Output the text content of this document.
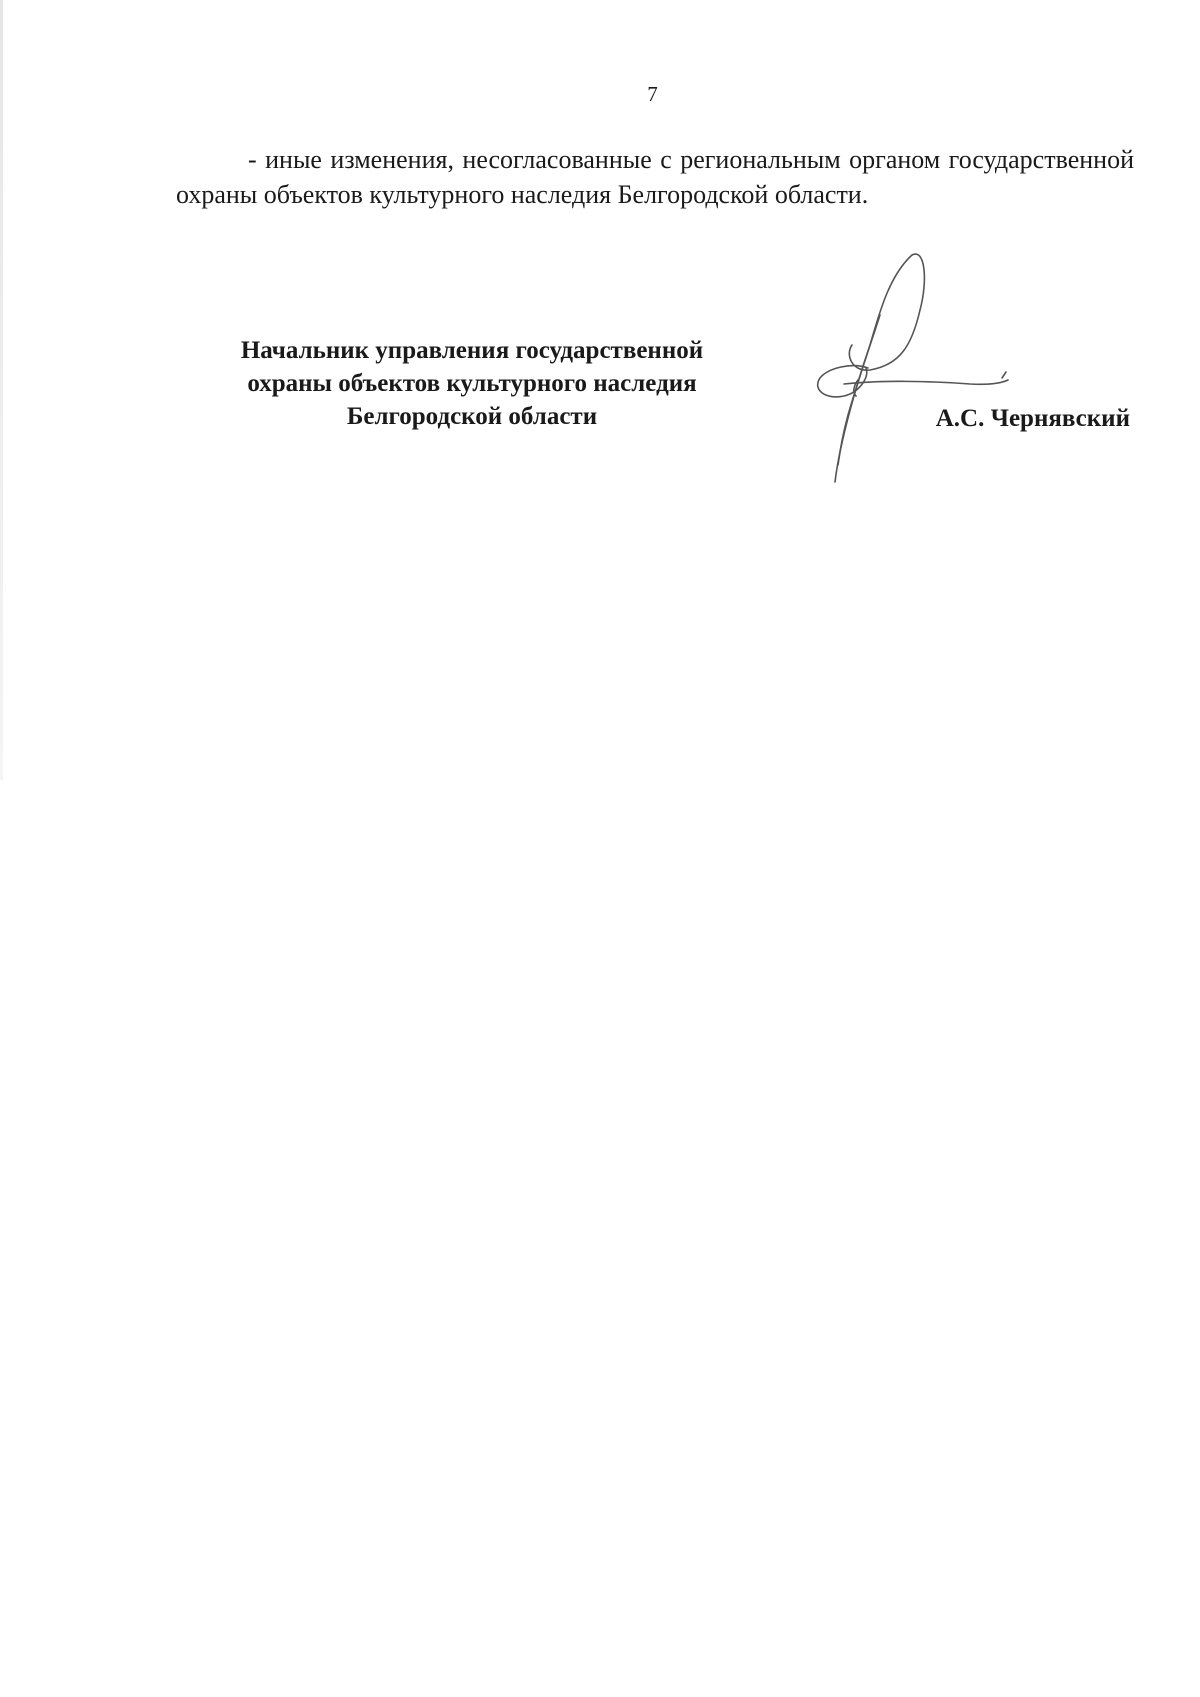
7

- иные изменения, несогласованные с региональным органом государственной охраны объектов культурного наследия Белгородской области.

Начальник управления государственной
охраны объектов культурного наследия
Белгородской области	А.С. Чернявский
